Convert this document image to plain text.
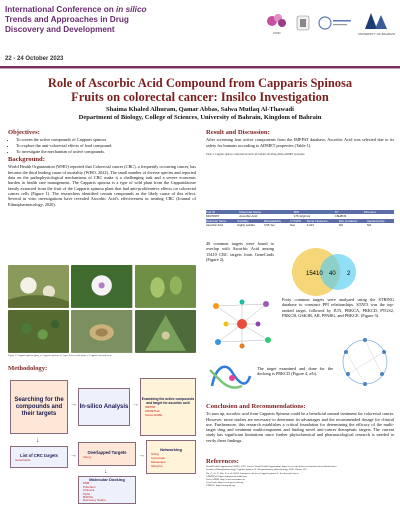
International Conference on in silico
Trends and Approaches in Drug
Discovery and Development
22 - 24 October 2023
ICDD	UNIVERSITY OF BAHRAIN
Role of Ascorbic Acid Compound from Capparis Spinosa
Fruits on colorectal cancer: Insilco Investigation
Shaima Khaled Alhuram, Qamar Abbas, Salwa Mutlaq Al-Thawadi
Department of Biology, College of Sciences, University of Bahrain, Kingdom of Bahrain
Objectives:
• To screen the active compounds of Capparis spinosa
• To explore the anti-colorectal effects of lead compound.
• To investigate the mechanism of active compounds.
Background:
World Health Organization (WHO) reported that Colorectal cancer (CRC), a frequently occurring cancer, has become the third leading cause of mortality (WHO, 2022). The small number of diverse species and reported data on the pathophysiological mechanisms of CRC make it a challenging task and a severe economic burden in health care management. The Capparis spinosa is a type of wild plant from the Capparidaceae family extracted from the fruit of the Capparis spinosa plant that had anti-proliferative effects on colorectal cancer cells (Figure 1). The researchers identified certain compounds as the likely cause of this effect. Several in vitro investigations have revealed Ascorbic Acid's effectiveness in treating CRC (Journal of Ethnopharmacology, 2020).
Figure 1: Capparis spinosa plant, a: Capparis spinosa; b: Caper flowers and fruits; c: Capparis leaf and stem.
Methodology:
Searching for the compounds and their targets
→ In-silico Analysis →
Examining the active compounds and target for ascorbic acid
IMPPAT
ADMETlab
Swiss ADME
↓
List of CRC targets
GeneCards
→ Overlapped Targets
Venny	→
Networking
String
Cytoscape
Metascape
ShinyGo
↓
Molecular Docking
PDB
Pubchem
Chimera
PyRx
BIOVIA
Discovery Studio
Result and Discussion:
After screening four active components from the IMPPAT database, Ascorbic Acid was selected due to its safety for humans according to ADMET properties (Table 1).
Table 1: Capparis spinosa compound ascorbic acid details and Drug-ability ADMET properties
Pub ID	Molecular Name	MW	TP	Structure
54670067	Ascorbic Acid	176.12g/mol	C6H8O6	
Molecular Name	Solubility	Bioavailability	CYP2D6	Renal Clearance	Skin sensitivity	Hepatotoxicity
Ascorbic Acid	Highly soluble	0.56 Yes	Non	0.413	NO	NO
40 common targets were found to overlap with Ascorbic Acid among 15410 CRC targets from GeneCards (Figure 2).
15410 40 2
Forty common targets were analyzed using the STRING database to construct PPI relationships. STAT3 was the top-ranked target, followed by JUN, PRKCA, PRKCD, PTGS2, PRKCB, GSK3B, AR, PPARG, and PRKCE. (Figure 3).
The target examined and done for the docking is PRKCD (Figure 4, a/b).
Conclusion and Recommendations:
To sum up, ascorbic acid from Capparis Spinosa could be a beneficial natural treatment for colorectal cancer. However, more studies are necessary to determine its advantages and the recommended dosage for clinical use. Furthermore, this research establishes a critical foundation for determining the efficacy of the multi-target drug and treatment multicomponent and finding novel anti-cancer therapeutic targets. The current study has significant limitations since further phytochemical and pharmacological research is needed to verify these findings.
References:
World Health Organization (WHO). 2022. Cancer. World Health Organization. https://www.who.int/news-room/fact-sheets/detail/cancer
Journal of Ethnopharmacology. Capparis Spinosa (L.) Phytochemistry, pharmacology. 2020. Volume 262.
Shi, Z., Li, P., Bao, Z. et al. (2022) Anticancer effects of Capparis spinosa L. In colorectal cancer.
ADMETlab. https://admetmesh.scbdd.com
Swiss ADME. http://www.swissadme.ch
GeneCards. https://www.genecards.org
STRING. https://string-db.org
